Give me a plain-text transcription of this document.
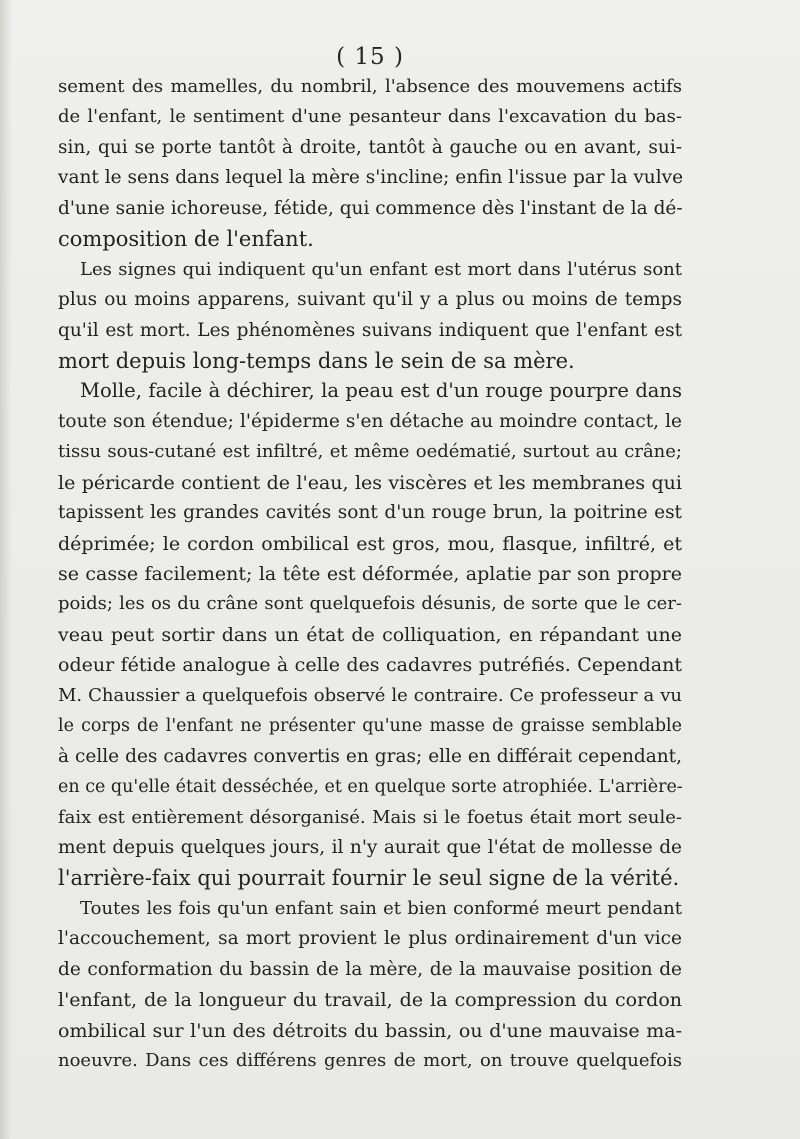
( 15 )
sement des mamelles, du nombril, l'absence des mouvemens actifs
de l'enfant, le sentiment d'une pesanteur dans l'excavation du bas-
sin, qui se porte tantôt à droite, tantôt à gauche ou en avant, sui-
vant le sens dans lequel la mère s'incline; enfin l'issue par la vulve
d'une sanie ichoreuse, fétide, qui commence dès l'instant de la dé-
composition de l'enfant.
Les signes qui indiquent qu'un enfant est mort dans l'utérus sont
plus ou moins apparens, suivant qu'il y a plus ou moins de temps
qu'il est mort. Les phénomènes suivans indiquent que l'enfant est
mort depuis long-temps dans le sein de sa mère.
Molle, facile à déchirer, la peau est d'un rouge pourpre dans
toute son étendue; l'épiderme s'en détache au moindre contact, le
tissu sous-cutané est infiltré, et même oedématié, surtout au crâne;
le péricarde contient de l'eau, les viscères et les membranes qui
tapissent les grandes cavités sont d'un rouge brun, la poitrine est
déprimée; le cordon ombilical est gros, mou, flasque, infiltré, et
se casse facilement; la tête est déformée, aplatie par son propre
poids; les os du crâne sont quelquefois désunis, de sorte que le cer-
veau peut sortir dans un état de colliquation, en répandant une
odeur fétide analogue à celle des cadavres putréfiés. Cependant
M. Chaussier a quelquefois observé le contraire. Ce professeur a vu
le corps de l'enfant ne présenter qu'une masse de graisse semblable
à celle des cadavres convertis en gras; elle en différait cependant,
en ce qu'elle était desséchée, et en quelque sorte atrophiée. L'arrière-
faix est entièrement désorganisé. Mais si le foetus était mort seule-
ment depuis quelques jours, il n'y aurait que l'état de mollesse de
l'arrière-faix qui pourrait fournir le seul signe de la vérité.
Toutes les fois qu'un enfant sain et bien conformé meurt pendant
l'accouchement, sa mort provient le plus ordinairement d'un vice
de conformation du bassin de la mère, de la mauvaise position de
l'enfant, de la longueur du travail, de la compression du cordon
ombilical sur l'un des détroits du bassin, ou d'une mauvaise ma-
noeuvre. Dans ces différens genres de mort, on trouve quelquefois
